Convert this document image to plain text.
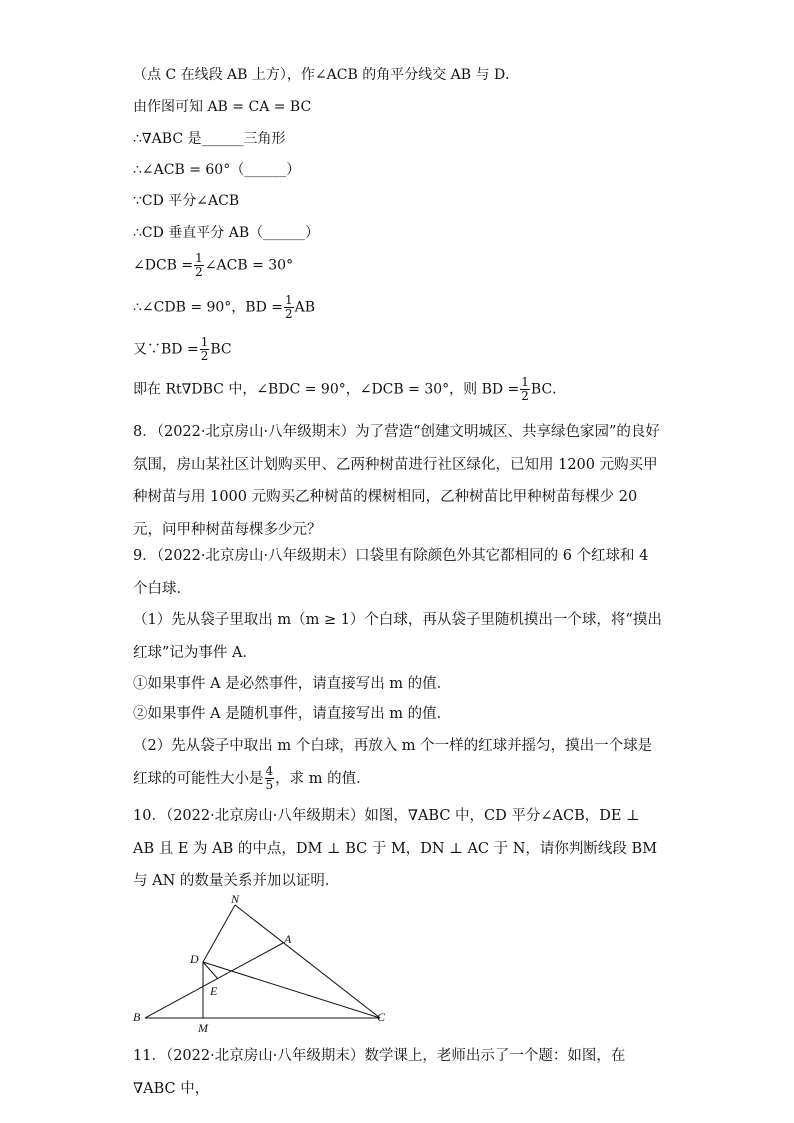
（点 C 在线段 AB 上方），作∠ACB 的角平分线交 AB 与 D．
由作图可知 AB = CA = BC
∴∇ABC 是______三角形
∴∠ACB = 60°（______）
∵CD 平分∠ACB
∴CD 垂直平分 AB（______）
∠DCB = $\frac{1}{2}$ ∠ACB = 30°
∴∠CDB = 90°，BD = $\frac{1}{2}$ AB
又∵BD = $\frac{1}{2}$ BC
即在 Rt∇DBC 中，∠BDC = 90°，∠DCB = 30°，则 BD = $\frac{1}{2}$ BC．
8．（2022·北京房山·八年级期末）为了营造“创建文明城区、共享绿色家园”的良好氛围，房山某社区计划购买甲、乙两种树苗进行社区绿化，已知用 1200 元购买甲种树苗与用 1000 元购买乙种树苗的棵树相同，乙种树苗比甲种树苗每棵少 20 元，问甲种树苗每棵多少元？
9．（2022·北京房山·八年级期末）口袋里有除颜色外其它都相同的 6 个红球和 4 个白球．
（1）先从袋子里取出 m（m ≥ 1）个白球，再从袋子里随机摸出一个球，将“摸出红球”记为事件 A．
①如果事件 A 是必然事件，请直接写出 m 的值．
②如果事件 A 是随机事件，请直接写出 m 的值．
（2）先从袋子中取出 m 个白球，再放入 m 个一样的红球并摇匀，摸出一个球是红球的可能性大小是 $\frac{4}{5}$ ，求 m 的值．
10．（2022·北京房山·八年级期末）如图，∇ABC 中，CD 平分∠ACB，DE ⊥ AB 且 E 为 AB 的中点，DM ⊥ BC 于 M，DN ⊥ AC 于 N，请你判断线段 BM 与 AN 的数量关系并加以证明．
N
A
D
E
B
M
C
11．（2022·北京房山·八年级期末）数学课上，老师出示了一个题：如图，在∇ABC 中，
